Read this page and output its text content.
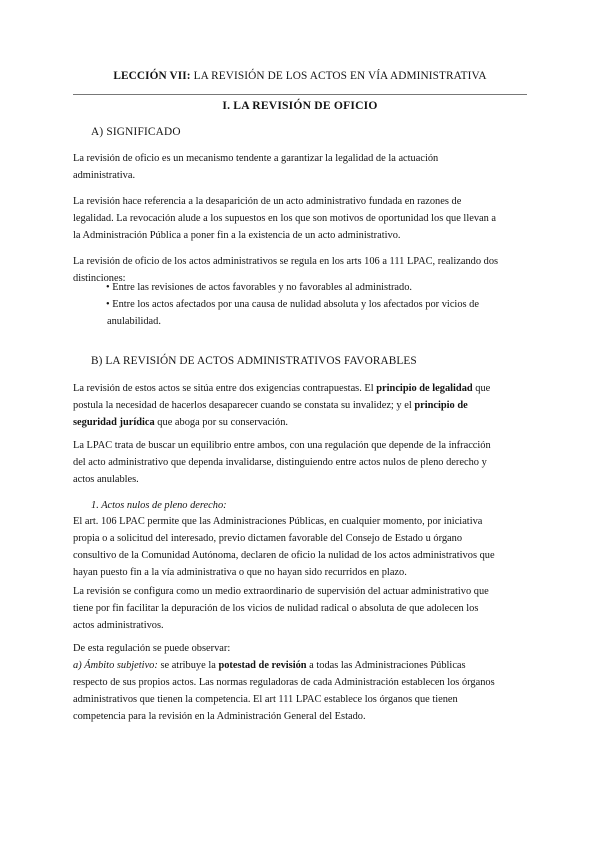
LECCIÓN VII: LA REVISIÓN DE LOS ACTOS EN VÍA ADMINISTRATIVA
I. LA REVISIÓN DE OFICIO
A) SIGNIFICADO
La revisión de oficio es un mecanismo tendente a garantizar la legalidad de la actuación
administrativa.
La revisión hace referencia a la desaparición de un acto administrativo fundada en razones de
legalidad. La revocación alude a los supuestos en los que son motivos de oportunidad los que llevan a
la Administración Pública a poner fin a la existencia de un acto administrativo.
La revisión de oficio de los actos administrativos se regula en los arts 106 a 111 LPAC, realizando dos
distinciones:
• Entre las revisiones de actos favorables y no favorables al administrado.
• Entre los actos afectados por una causa de nulidad absoluta y los afectados por vicios de
anulabilidad.
B) LA REVISIÓN DE ACTOS ADMINISTRATIVOS FAVORABLES
La revisión de estos actos se sitúa entre dos exigencias contrapuestas. El principio de legalidad que
postula la necesidad de hacerlos desaparecer cuando se constata su invalidez; y el principio de
seguridad jurídica que aboga por su conservación.
La LPAC trata de buscar un equilibrio entre ambos, con una regulación que depende de la infracción
del acto administrativo que dependa invalidarse, distinguiendo entre actos nulos de pleno derecho y
actos anulables.
1. Actos nulos de pleno derecho:
El art. 106 LPAC permite que las Administraciones Públicas, en cualquier momento, por iniciativa
propia o a solicitud del interesado, previo dictamen favorable del Consejo de Estado u órgano
consultivo de la Comunidad Autónoma, declaren de oficio la nulidad de los actos administrativos que
hayan puesto fin a la vía administrativa o que no hayan sido recurridos en plazo.
La revisión se configura como un medio extraordinario de supervisión del actuar administrativo que
tiene por fin facilitar la depuración de los vicios de nulidad radical o absoluta de que adolecen los
actos administrativos.
De esta regulación se puede observar:
a) Ámbito subjetivo: se atribuye la potestad de revisión a todas las Administraciones Públicas
respecto de sus propios actos. Las normas reguladoras de cada Administración establecen los órganos
administrativos que tienen la competencia. El art 111 LPAC establece los órganos que tienen
competencia para la revisión en la Administración General del Estado.
